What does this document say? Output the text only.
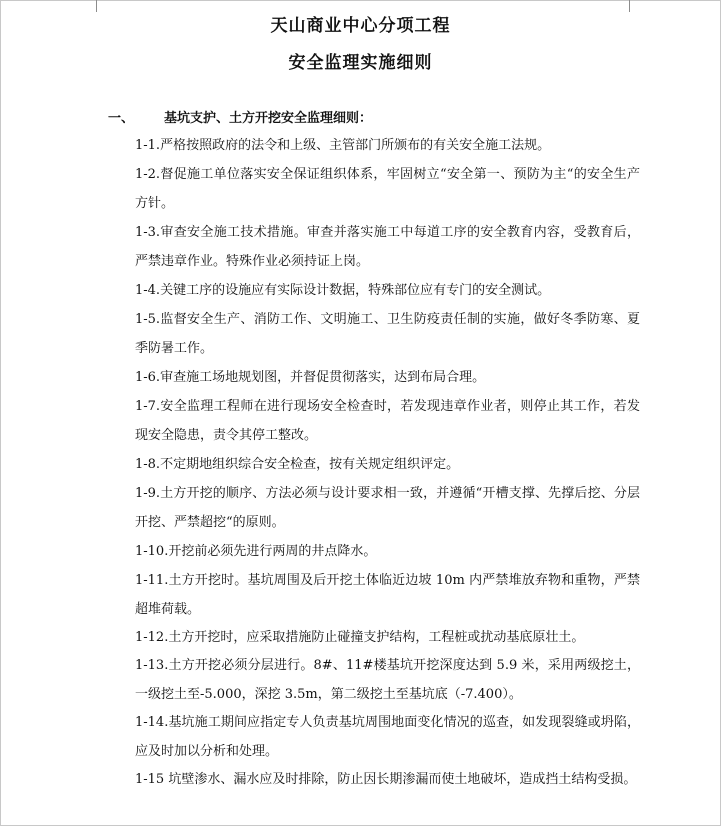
天山商业中心分项工程
安全监理实施细则
一、 基坑支护、土方开挖安全监理细则：
1-1.严格按照政府的法令和上级、主管部门所颁布的有关安全施工法规。
1-2.督促施工单位落实安全保证组织体系，牢固树立“安全第一、预防为主“的安全生产方针。
1-3.审查安全施工技术措施。审查并落实施工中每道工序的安全教育内容，受教育后，严禁违章作业。特殊作业必须持证上岗。
1-4.关键工序的设施应有实际设计数据，特殊部位应有专门的安全测试。
1-5.监督安全生产、消防工作、文明施工、卫生防疫责任制的实施，做好冬季防寒、夏季防暑工作。
1-6.审查施工场地规划图，并督促贯彻落实，达到布局合理。
1-7.安全监理工程师在进行现场安全检查时，若发现违章作业者，则停止其工作，若发现安全隐患，责令其停工整改。
1-8.不定期地组织综合安全检查，按有关规定组织评定。
1-9.土方开挖的顺序、方法必须与设计要求相一致，并遵循“开槽支撑、先撑后挖、分层开挖、严禁超挖“的原则。
1-10.开挖前必须先进行两周的井点降水。
1-11.土方开挖时。基坑周围及后开挖土体临近边坡 10m 内严禁堆放弃物和重物，严禁超堆荷载。
1-12.土方开挖时，应采取措施防止碰撞支护结构，工程桩或扰动基底原壮土。
1-13.土方开挖必须分层进行。8#、11#楼基坑开挖深度达到 5.9 米，采用两级挖土，一级挖土至-5.000，深挖 3.5m，第二级挖土至基坑底（-7.400）。
1-14.基坑施工期间应指定专人负责基坑周围地面变化情况的巡查，如发现裂缝或坍陷，应及时加以分析和处理。
1-15 坑壁渗水、漏水应及时排除，防止因长期渗漏而使土地破坏，造成挡土结构受损。
